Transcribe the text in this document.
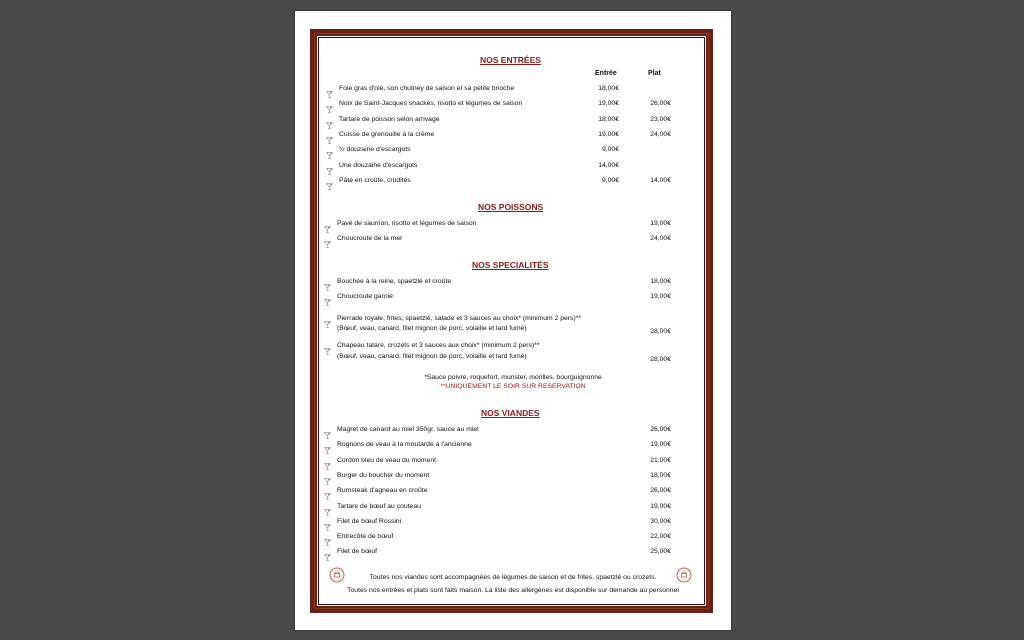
NOS ENTRÉES
Entrée	Plat
NOS POISSONS
NOS SPECIALITÉS
*Sauce poivre, roquefort, munster, morilles, bourguignonne
**UNIQUEMENT LE SOIR SUR RESERVATION
NOS VIANDES
Toutes nos viandes sont accompagnées de légumes de saison et de frites, spaetzlé ou crozets.
Toutes nos entrées et plats sont faits maison. La liste des allergènes est disponible sur demande au personnel
Foie gras d'oie, son chutney de saison et sa petite brioche	18,00€
Noix de Saint-Jacques snackés, risotto et légumes de saison	19,00€	26,00€
Tartare de poisson selon arrivage	18,00€	23,00€
Cuisse de grenouille à la crème	19,00€	24,00€
½ douzaine d'escargots	9,00€
Une douzaine d'escargots	14,00€
Pâté en croûte, crudités	9,00€	14,00€
Pavé de saumon, risotto et légumes de saison	19,00€
Choucroute de la mer	24,00€
Bouchée à la reine, spaetzlé et croûte	18,00€
Choucroute garnie	19,00€
Pierrade royale, frites, spaetzlé, salade et 3 sauces au choix* (minimum 2 pers)**
(Bœuf, veau, canard, filet mignon de porc, volaille et lard fumé)	28,00€
Chapeau tatare, crozets et 3 sauces aux choix* (minimum 2 pers)**
(Bœuf, veau, canard, filet mignon de porc, volaille et lard fumé)	28,00€
Magret de canard au miel 350gr, sauce au miel	26,00€
Rognons de veau à la moutarde à l'ancienne	19,00€
Cordon bleu de veau du moment	21,00€
Burger du boucher du moment	18,00€
Rumsteak d'agneau en croûte	26,00€
Tartare de bœuf au couteau	19,00€
Filet de bœuf Rossini	30,00€
Entrecôte de bœuf	22,00€
Filet de bœuf	25,00€
